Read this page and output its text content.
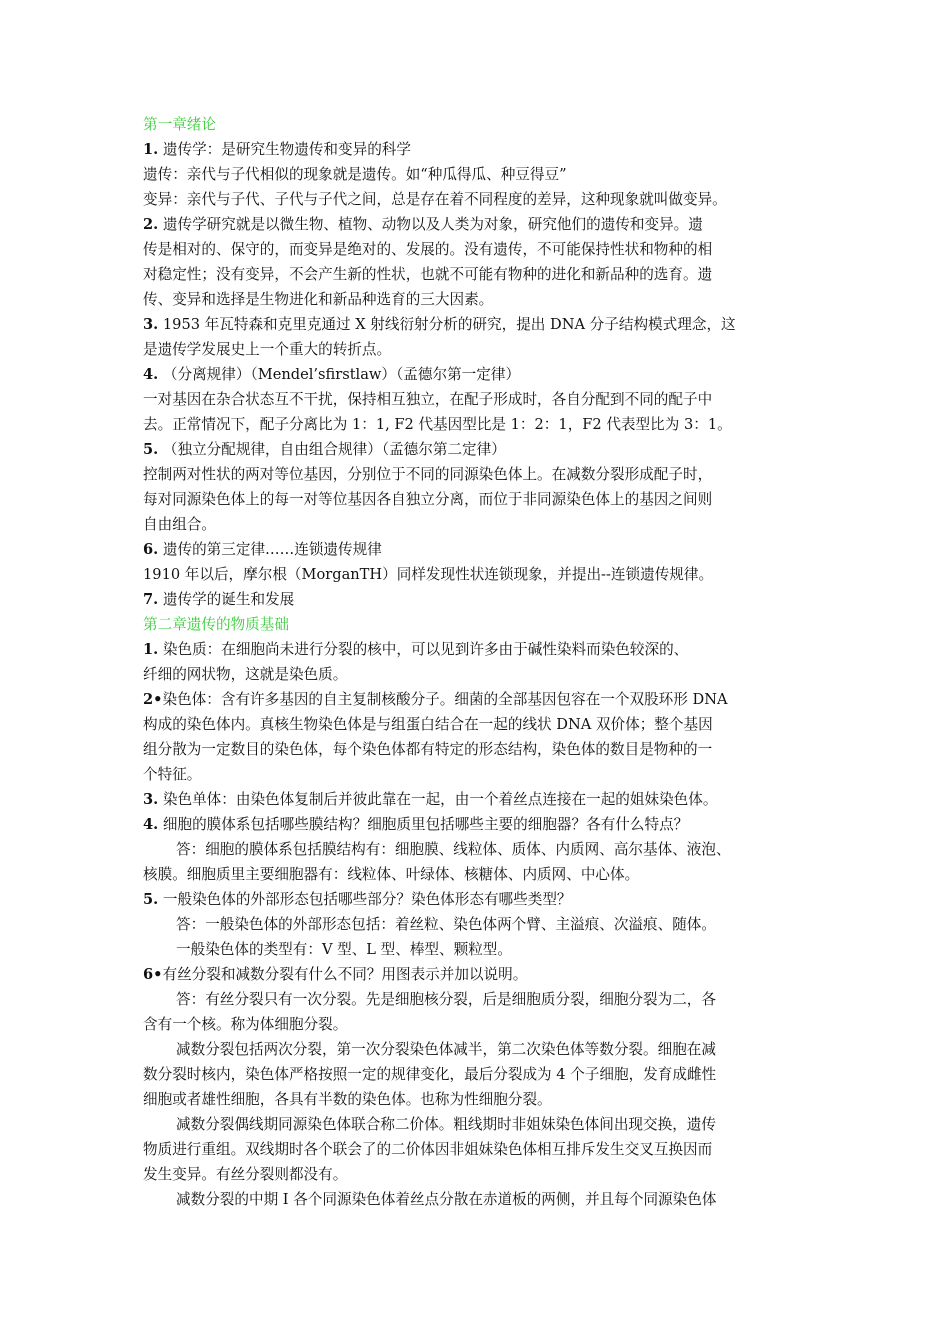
第一章绪论
1. 遗传学：是研究生物遗传和变异的科学
遗传：亲代与子代相似的现象就是遗传。如“种瓜得瓜、种豆得豆”
变异：亲代与子代、子代与子代之间，总是存在着不同程度的差异，这种现象就叫做变异。
2. 遗传学研究就是以微生物、植物、动物以及人类为对象，研究他们的遗传和变异。遗
传是相对的、保守的，而变异是绝对的、发展的。没有遗传，不可能保持性状和物种的相
对稳定性；没有变异，不会产生新的性状，也就不可能有物种的进化和新品种的选育。遗
传、变异和选择是生物进化和新品种选育的三大因素。
3. 1953 年瓦特森和克里克通过 X 射线衍射分析的研究，提出 DNA 分子结构模式理念，这
是遗传学发展史上一个重大的转折点。
4. （分离规律）（Mendel’sfirstlaw）（孟德尔第一定律）
一对基因在杂合状态互不干扰，保持相互独立，在配子形成时，各自分配到不同的配子中
去。正常情况下，配子分离比为 1：1, F2 代基因型比是 1：2：1，F2 代表型比为 3：1。
5. （独立分配规律，自由组合规律）（孟德尔第二定律）
控制两对性状的两对等位基因，分别位于不同的同源染色体上。在减数分裂形成配子时，
每对同源染色体上的每一对等位基因各自独立分离，而位于非同源染色体上的基因之间则
自由组合。
6. 遗传的第三定律……连锁遗传规律
1910 年以后，摩尔根（MorganTH）同样发现性状连锁现象，并提出--连锁遗传规律。
7. 遗传学的诞生和发展
第二章遗传的物质基础
1. 染色质：在细胞尚未进行分裂的核中，可以见到许多由于碱性染料而染色较深的、
纤细的网状物，这就是染色质。
2•染色体：含有许多基因的自主复制核酸分子。细菌的全部基因包容在一个双股环形 DNA
构成的染色体内。真核生物染色体是与组蛋白结合在一起的线状 DNA 双价体；整个基因
组分散为一定数目的染色体，每个染色体都有特定的形态结构，染色体的数目是物种的一
个特征。
3. 染色单体：由染色体复制后并彼此靠在一起，由一个着丝点连接在一起的姐妹染色体。
4. 细胞的膜体系包括哪些膜结构？细胞质里包括哪些主要的细胞器？各有什么特点？
答：细胞的膜体系包括膜结构有：细胞膜、线粒体、质体、内质网、高尔基体、液泡、
核膜。细胞质里主要细胞器有：线粒体、叶绿体、核糖体、内质网、中心体。
5. 一般染色体的外部形态包括哪些部分？染色体形态有哪些类型？
答：一般染色体的外部形态包括：着丝粒、染色体两个臂、主溢痕、次溢痕、随体。
一般染色体的类型有：V 型、L 型、棒型、颗粒型。
6•有丝分裂和减数分裂有什么不同？用图表示并加以说明。
答：有丝分裂只有一次分裂。先是细胞核分裂，后是细胞质分裂，细胞分裂为二，各
含有一个核。称为体细胞分裂。
减数分裂包括两次分裂，第一次分裂染色体减半，第二次染色体等数分裂。细胞在减
数分裂时核内，染色体严格按照一定的规律变化，最后分裂成为 4 个子细胞，发育成雌性
细胞或者雄性细胞，各具有半数的染色体。也称为性细胞分裂。
减数分裂偶线期同源染色体联合称二价体。粗线期时非姐妹染色体间出现交换，遗传
物质进行重组。双线期时各个联会了的二价体因非姐妹染色体相互排斥发生交叉互换因而
发生变异。有丝分裂则都没有。
减数分裂的中期 I 各个同源染色体着丝点分散在赤道板的两侧，并且每个同源染色体
